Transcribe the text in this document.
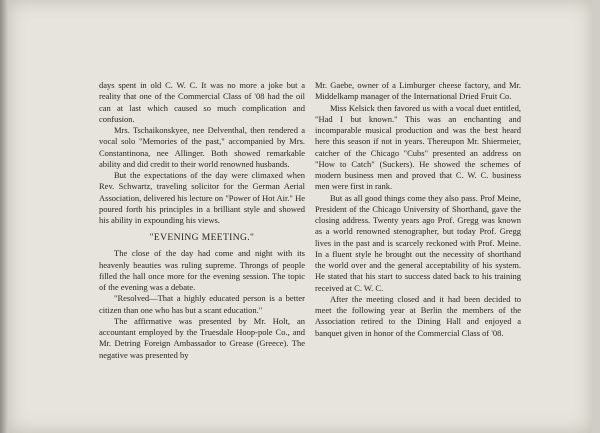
days spent in old C. W. C. It was no more a joke but a reality that one of the Commercial Class of '08 had the oil can at last which caused so much complication and confusion.

Mrs. Tschaikonskyee, nee Delventhal, then rendered a vocal solo "Memories of the past," accompanied by Mrs. Constantinona, nee Allinger. Both showed remarkable ability and did credit to their world renowned husbands.

But the expectations of the day were climaxed when Rev. Schwartz, traveling solicitor for the German Aerial Association, delivered his lecture on "Power of Hot Air." He poured forth his principles in a brilliant style and showed his ability in expounding his views.

"EVENING MEETING."

The close of the day had come and night with its heavenly beauties was ruling supreme. Throngs of people filled the hall once more for the evening session. The topic of the evening was a debate.

"Resolved—That a highly educated person is a better citizen than one who has but a scant education."

The affirmative was presented by Mr. Holt, an accountant employed by the Truesdale Hoop-pole Co., and Mr. Detring Foreign Ambassador to Grease (Greece). The negative was presented by

Mr. Gaebe, owner of a Limburger cheese factory, and Mr. Middelkamp manager of the International Dried Fruit Co.

Miss Kelsick then favored us with a vocal duet entitled, "Had I but known." This was an enchanting and incomparable musical production and was the best heard here this season if not in years. Thereupon Mr. Shiermeier, catcher of the Chicago "Cubs" presented an address on "How to Catch" (Suckers). He showed the schemes of modern business men and proved that C. W. C. business men were first in rank.

But as all good things come they also pass. Prof Meine, President of the Chicago University of Shorthand, gave the closing address. Twenty years ago Prof. Gregg was known as a world renowned stenographer, but today Prof. Gregg lives in the past and is scarcely reckoned with Prof. Meine. In a fluent style he brought out the necessity of shorthand the world over and the general acceptability of his system. He stated that his start to success dated back to his training received at C. W. C.

After the meeting closed and it had been decided to meet the following year at Berlin the members of the Association retired to the Dining Hall and enjoyed a banquet given in honor of the Commercial Class of '08.
